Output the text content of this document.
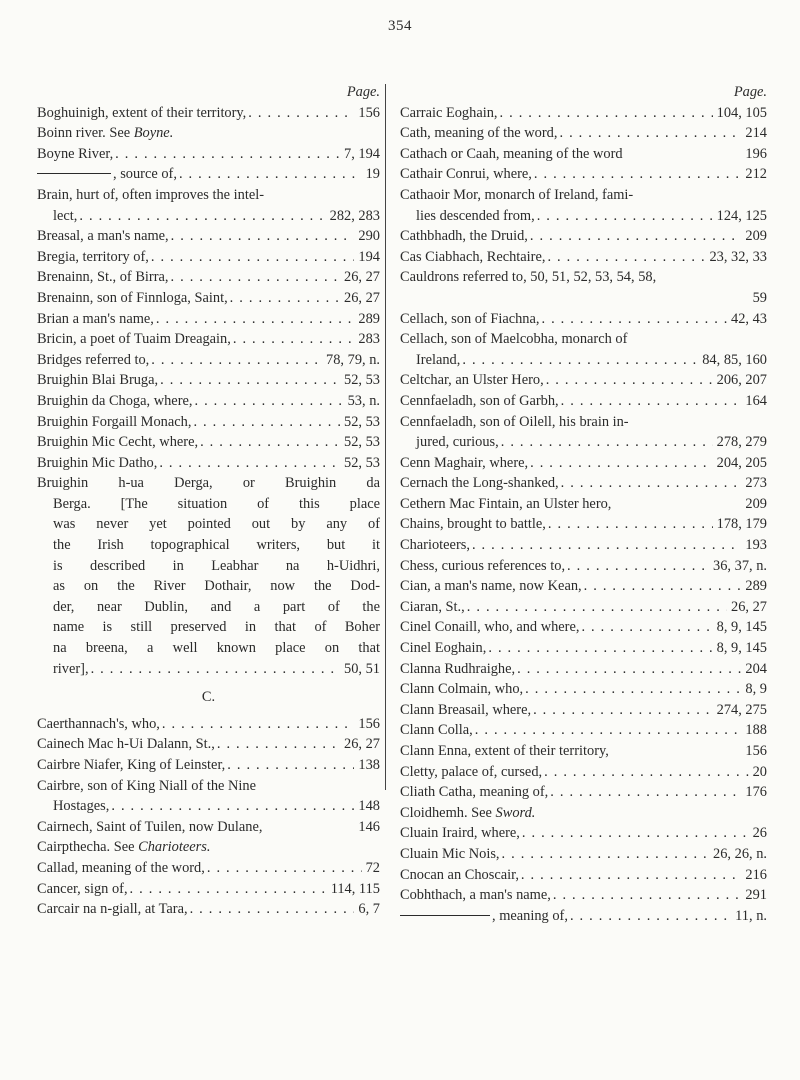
354
Page.
Boghuinigh, extent of their territory, . . .	156
Boinn river. See Boyne.
Boyne River, . . .	7, 194
, source of, . . .	19
Brain, hurt of, often improves the intel-
lect, . . .	282, 283
Breasal, a man's name, . . .	290
Bregia, territory of, . . .	194
Brenainn, St., of Birra, . . .	26, 27
Brenainn, son of Finnloga, Saint, . . .	26, 27
Brian a man's name, . . .	289
Bricin, a poet of Tuaim Dreagain, . . .	283
Bridges referred to, . . .	78, 79, n.
Bruighin Blai Bruga, . . .	52, 53
Bruighin da Choga, where, . . .	53, n.
Bruighin Forgaill Monach, . . .	52, 53
Bruighin Mic Cecht, where, . . .	52, 53
Bruighin Mic Datho, . . .	52, 53
Bruighin h-ua Derga, or Bruighin da
Berga. [The situation of this place
was never yet pointed out by any of
the Irish topographical writers, but it
is described in Leabhar na h-Uidhri,
as on the River Dothair, now the Dod-
der, near Dublin, and a part of the
name is still preserved in that of Boher
na breena, a well known place on that
river], . . .	50, 51
C.
Caerthannach's, who, . . .	156
Cainech Mac h-Ui Dalann, St., . . .	26, 27
Cairbre Niafer, King of Leinster, . . .	138
Cairbre, son of King Niall of the Nine
Hostages, . . .	148
Cairnech, Saint of Tuilen, now Dulane,	146
Cairpthecha. See Charioteers.
Callad, meaning of the word, . . .	72
Cancer, sign of, . . .	114, 115
Carcair na n-giall, at Tara, . . .	6, 7
Page.
Carraic Eoghain, . . .	104, 105
Cath, meaning of the word, . . .	214
Cathach or Caah, meaning of the word	196
Cathair Conrui, where, . . .	212
Cathaoir Mor, monarch of Ireland, fami-
lies descended from, . . .	124, 125
Cathbhadh, the Druid, . . .	209
Cas Ciabhach, Rechtaire, . . .	23, 32, 33
Cauldrons referred to, 50, 51, 52, 53, 54, 58,
59
Cellach, son of Fiachna, . . .	42, 43
Cellach, son of Maelcobha, monarch of
Ireland, . . .	84, 85, 160
Celtchar, an Ulster Hero, . . .	206, 207
Cennfaeladh, son of Garbh, . . .	164
Cennfaeladh, son of Oilell, his brain in-
jured, curious, . . .	278, 279
Cenn Maghair, where, . . .	204, 205
Cernach the Long-shanked, . . .	273
Cethern Mac Fintain, an Ulster hero,	209
Chains, brought to battle, . . .	178, 179
Charioteers, . . .	193
Chess, curious references to, . . .	36, 37, n.
Cian, a man's name, now Kean, . . .	289
Ciaran, St., . . .	26, 27
Cinel Conaill, who, and where, . . .	8, 9, 145
Cinel Eoghain, . . .	8, 9, 145
Clanna Rudhraighe, . . .	204
Clann Colmain, who, . . .	8, 9
Clann Breasail, where, . . .	274, 275
Clann Colla, . . .	188
Clann Enna, extent of their territory,	156
Cletty, palace of, cursed, . . .	20
Cliath Catha, meaning of, . . .	176
Cloidhemh. See Sword.
Cluain Iraird, where, . . .	26
Cluain Mic Nois, . . .	26, 26, n.
Cnocan an Choscair, . . .	216
Cobhthach, a man's name, . . .	291
, meaning of, . . .	11, n.
